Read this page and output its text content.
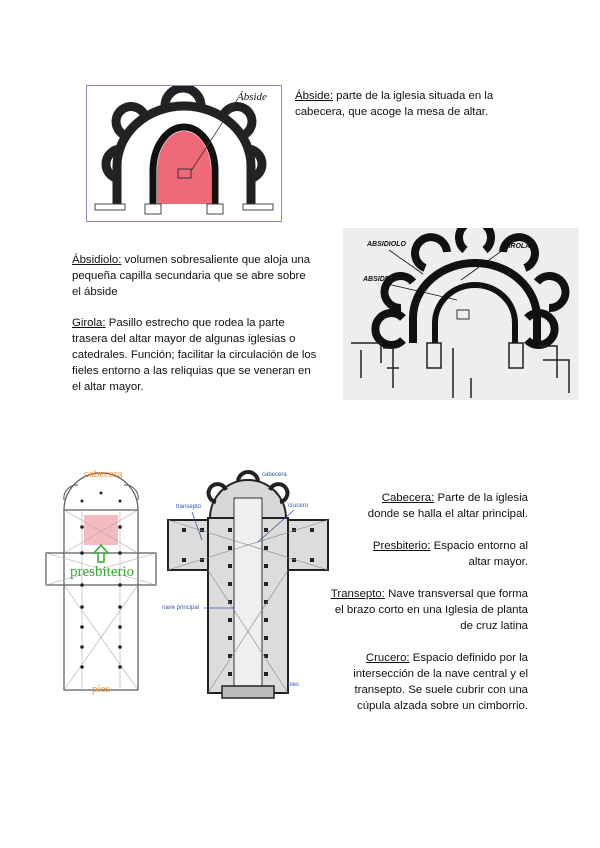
Ábside Ábside: parte de la iglesia situada en la cabecera, que acoge la mesa de altar.
Ábsidiolo: volumen sobresaliente que aloja una pequeña capilla secundaria que se abre sobre el ábside
Girola: Pasillo estrecho que rodea la parte trasera del altar mayor de algunas iglesias o catedrales. Función; facilitar la circulación de los fieles entorno a las reliquias que se veneran en el altar mayor.
ABSIDIOLO	GIROLA
ABSIDE
cabecera
presbiterio
pies
cabecera
transepto	crucero
nave principal
pies
Cabecera: Parte de la iglesia donde se halla el altar principal.
Presbiterio: Espacio entorno al altar mayor.
Transepto: Nave transversal que forma el brazo corto en una Iglesia de planta de cruz latina
Crucero: Espacio definido por la intersección de la nave central y el transepto. Se suele cubrir con una cúpula alzada sobre un cimborrio.
